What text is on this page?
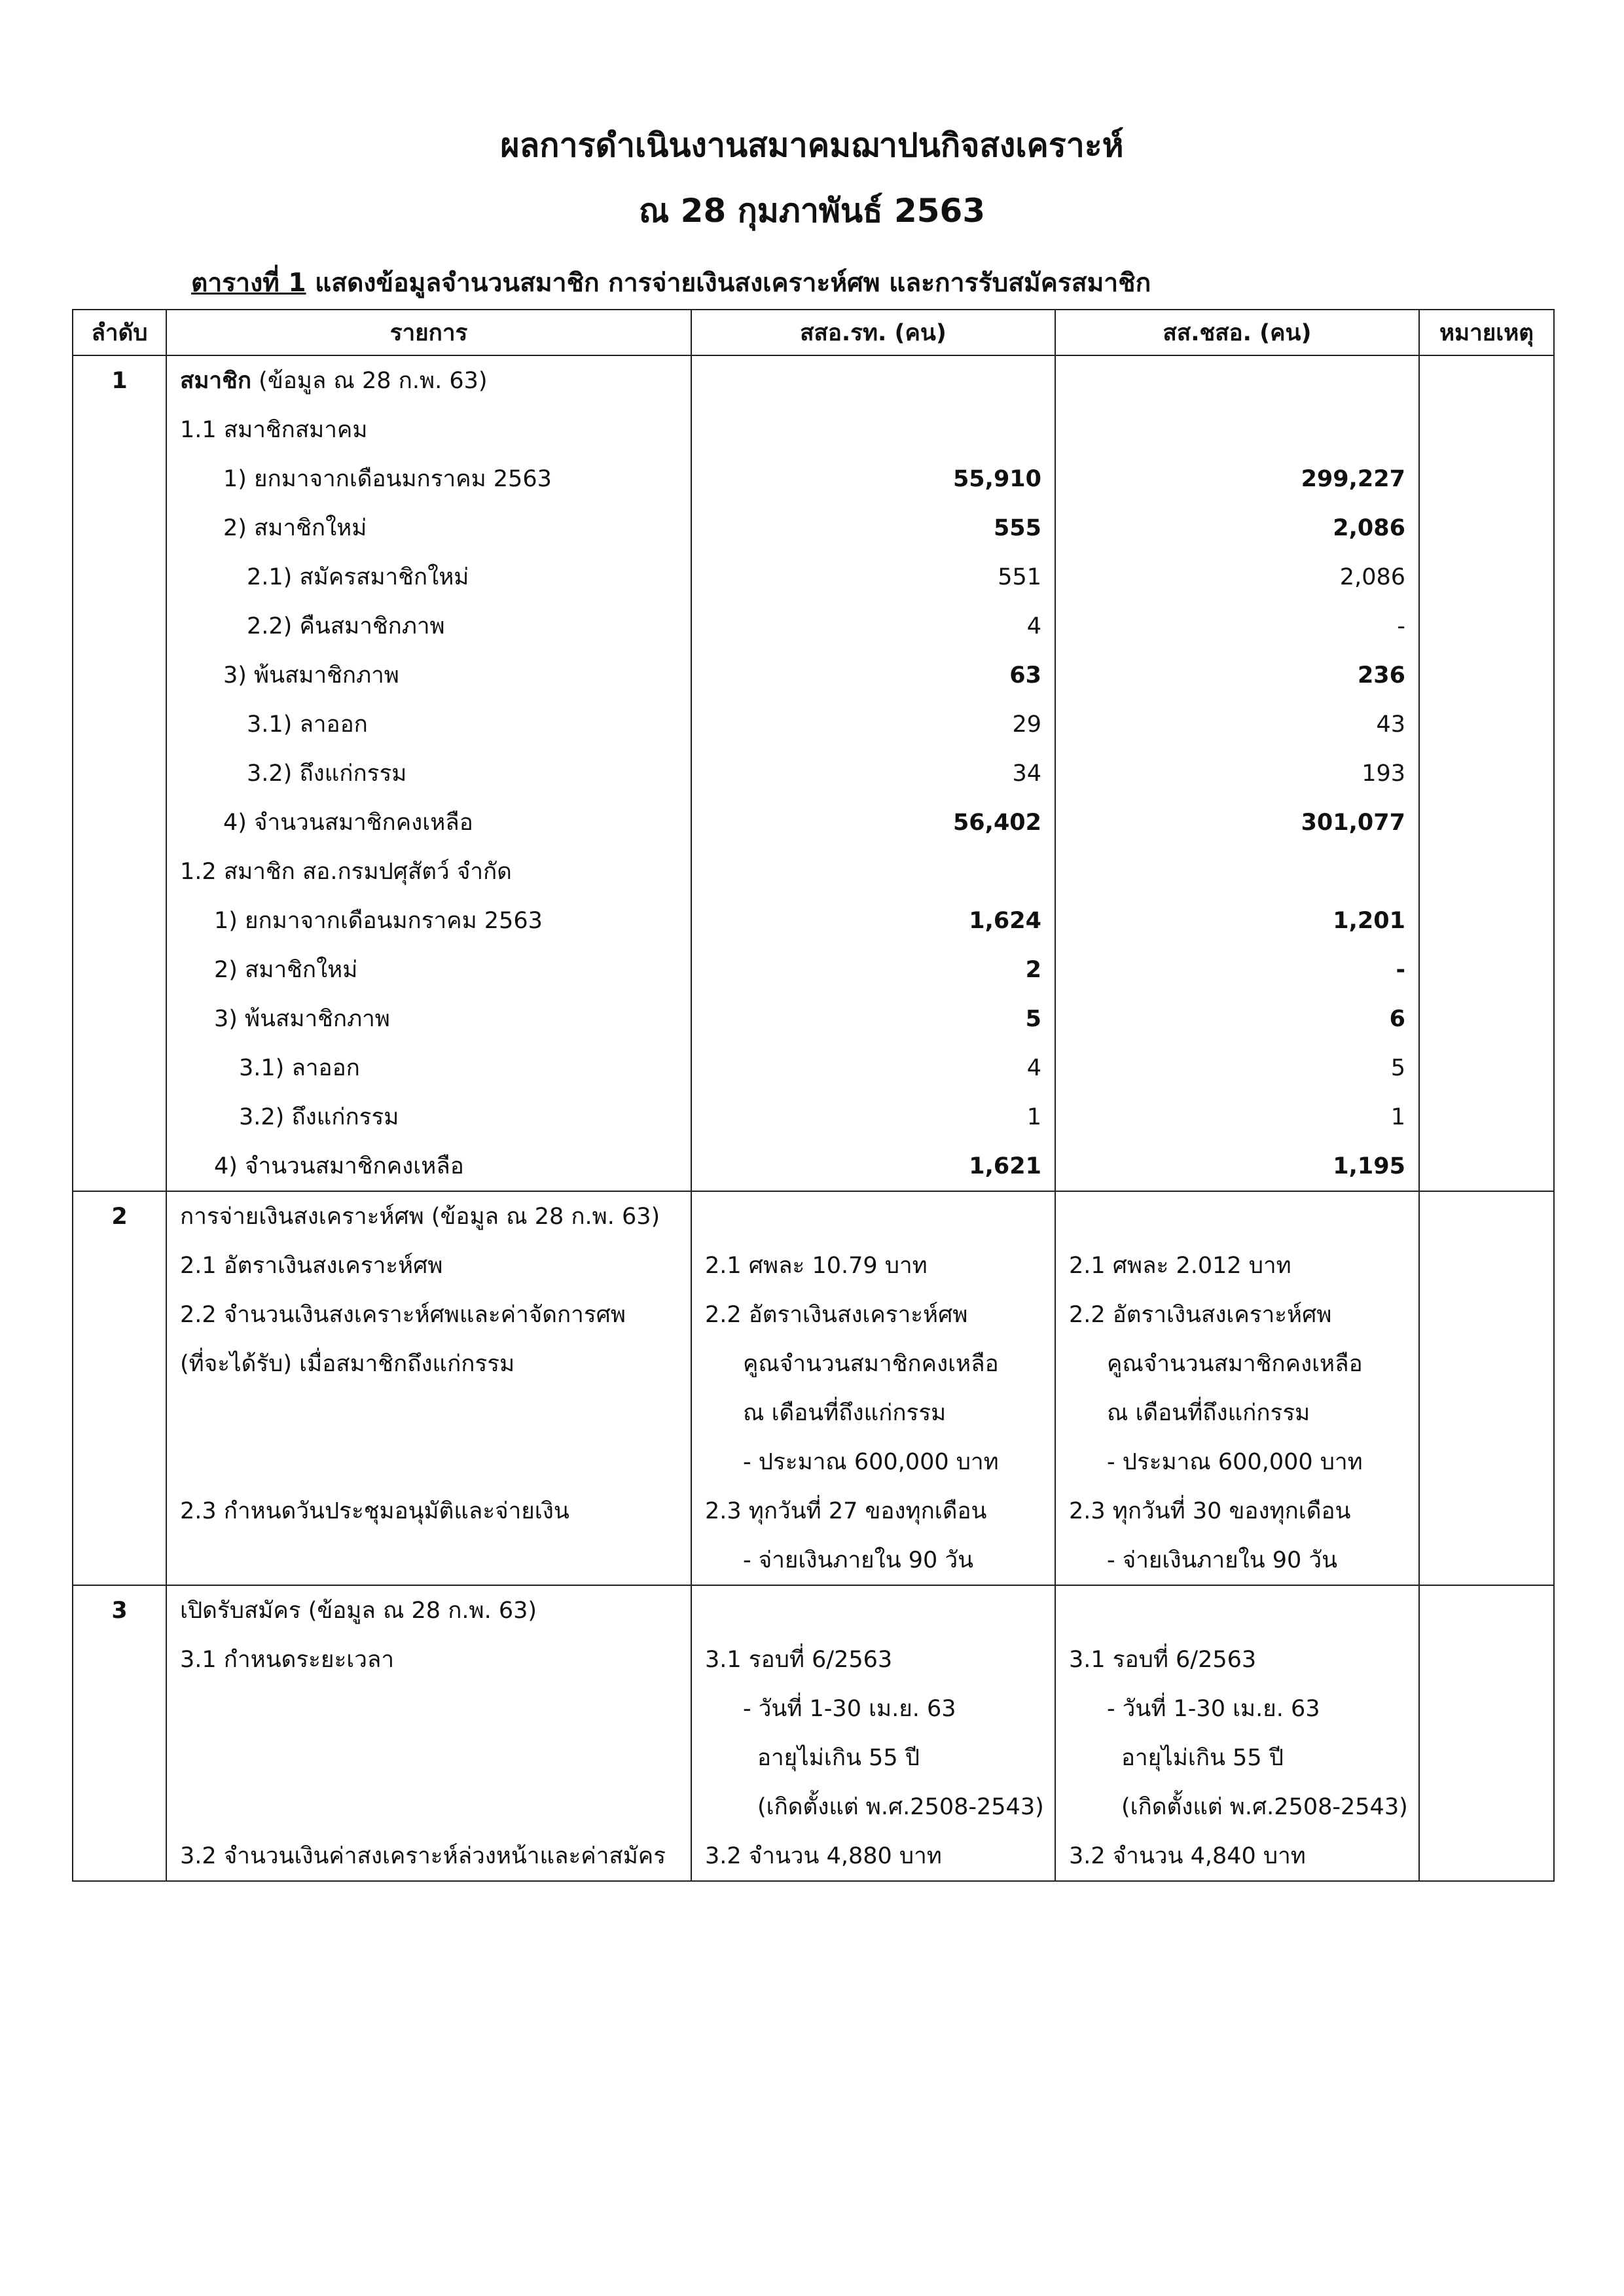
ผลการดำเนินงานสมาคมฌาปนกิจสงเคราะห์
ณ 28 กุมภาพันธ์ 2563
ตารางที่ 1 แสดงข้อมูลจำนวนสมาชิก การจ่ายเงินสงเคราะห์ศพ และการรับสมัครสมาชิก
ลำดับ	รายการ	สสอ.รท. (คน)	สส.ชสอ. (คน)	หมายเหตุ
1	สมาชิก (ข้อมูล ณ 28 ก.พ. 63)			
	1.1 สมาชิกสมาคม			
	1) ยกมาจากเดือนมกราคม 2563	55,910	299,227	
	2) สมาชิกใหม่	555	2,086	
	2.1) สมัครสมาชิกใหม่	551	2,086	
	2.2) คืนสมาชิกภาพ	4	-	
	3) พ้นสมาชิกภาพ	63	236	
	3.1) ลาออก	29	43	
	3.2) ถึงแก่กรรม	34	193	
	4) จำนวนสมาชิกคงเหลือ	56,402	301,077	
	1.2 สมาชิก สอ.กรมปศุสัตว์ จำกัด			
	1) ยกมาจากเดือนมกราคม 2563	1,624	1,201	
	2) สมาชิกใหม่	2	-	
	3) พ้นสมาชิกภาพ	5	6	
	3.1) ลาออก	4	5	
	3.2) ถึงแก่กรรม	1	1	
	4) จำนวนสมาชิกคงเหลือ	1,621	1,195	
2	การจ่ายเงินสงเคราะห์ศพ (ข้อมูล ณ 28 ก.พ. 63)			
	2.1 อัตราเงินสงเคราะห์ศพ	2.1 ศพละ 10.79 บาท	2.1 ศพละ 2.012 บาท	
	2.2 จำนวนเงินสงเคราะห์ศพและค่าจัดการศพ	2.2 อัตราเงินสงเคราะห์ศพ	2.2 อัตราเงินสงเคราะห์ศพ	
	(ที่จะได้รับ) เมื่อสมาชิกถึงแก่กรรม	คูณจำนวนสมาชิกคงเหลือ	คูณจำนวนสมาชิกคงเหลือ	
		ณ เดือนที่ถึงแก่กรรม	ณ เดือนที่ถึงแก่กรรม	
		- ประมาณ 600,000 บาท	- ประมาณ 600,000 บาท	
	2.3 กำหนดวันประชุมอนุมัติและจ่ายเงิน	2.3 ทุกวันที่ 27 ของทุกเดือน	2.3 ทุกวันที่ 30 ของทุกเดือน	
		- จ่ายเงินภายใน 90 วัน	- จ่ายเงินภายใน 90 วัน	
3	เปิดรับสมัคร (ข้อมูล ณ 28 ก.พ. 63)			
	3.1 กำหนดระยะเวลา	3.1 รอบที่ 6/2563	3.1 รอบที่ 6/2563	
		- วันที่ 1-30 เม.ย. 63	- วันที่ 1-30 เม.ย. 63	
		อายุไม่เกิน 55 ปี	อายุไม่เกิน 55 ปี	
		(เกิดตั้งแต่ พ.ศ.2508-2543)	(เกิดตั้งแต่ พ.ศ.2508-2543)	
	3.2 จำนวนเงินค่าสงเคราะห์ล่วงหน้าและค่าสมัคร	3.2 จำนวน 4,880 บาท	3.2 จำนวน 4,840 บาท	
